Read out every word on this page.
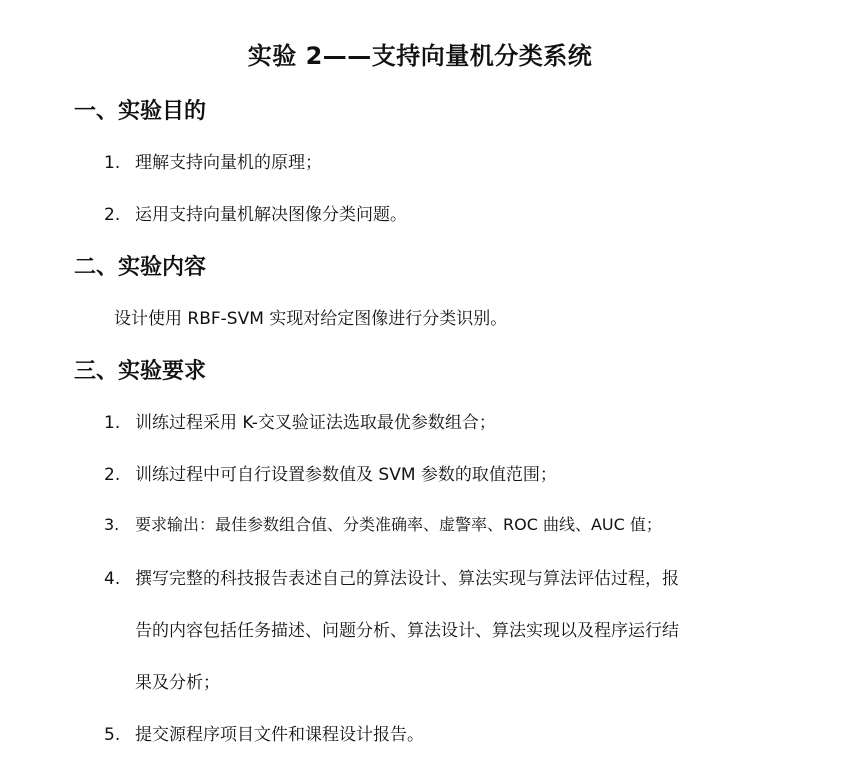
实验 2——支持向量机分类系统
一、实验目的
1. 理解支持向量机的原理；
2. 运用支持向量机解决图像分类问题。
二、实验内容
设计使用 RBF-SVM 实现对给定图像进行分类识别。
三、实验要求
1. 训练过程采用 K-交叉验证法选取最优参数组合；
2. 训练过程中可自行设置参数值及 SVM 参数的取值范围；
3. 要求输出：最佳参数组合值、分类准确率、虚警率、ROC 曲线、AUC 值；
4. 撰写完整的科技报告表述自己的算法设计、算法实现与算法评估过程，报
告的内容包括任务描述、问题分析、算法设计、算法实现以及程序运行结
果及分析；
5. 提交源程序项目文件和课程设计报告。
